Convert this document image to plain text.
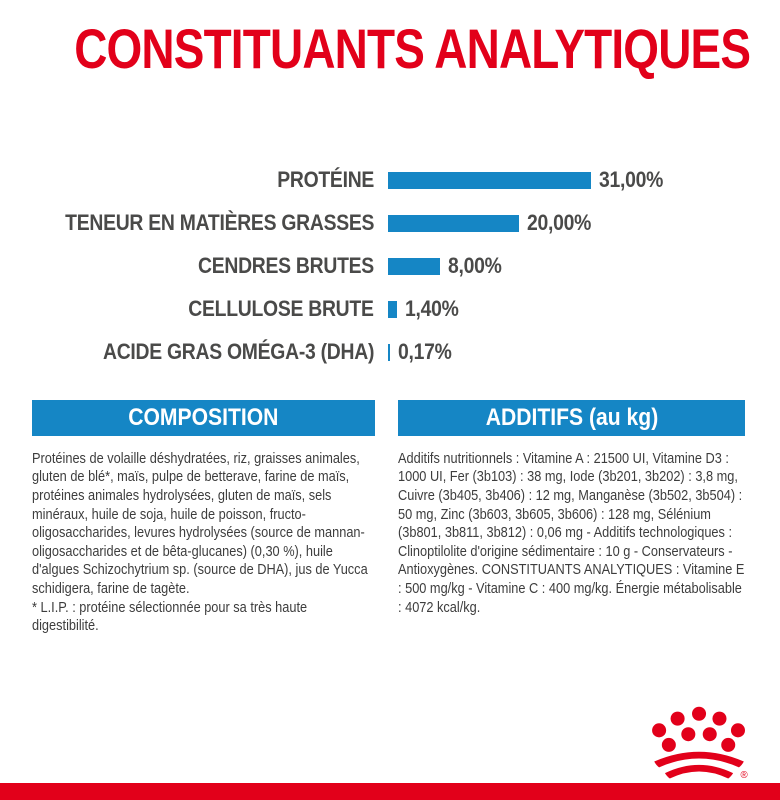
CONSTITUANTS ANALYTIQUES
PROTÉINE	31,00%
TENEUR EN MATIÈRES GRASSES	20,00%
CENDRES BRUTES	8,00%
CELLULOSE BRUTE 1,40%
ACIDE GRAS OMÉGA-3 (DHA) 0,17%
COMPOSITION
Protéines de volaille déshydratées, riz, graisses animales, gluten de blé*, maïs, pulpe de betterave, farine de maïs, protéines animales hydrolysées, gluten de maïs, sels minéraux, huile de soja, huile de poisson, fructo-oligosaccharides, levures hydrolysées (source de mannan-oligosaccharides et de bêta-glucanes) (0,30 %), huile d'algues Schizochytrium sp. (source de DHA), jus de Yucca schidigera, farine de tagète.
* L.I.P. : protéine sélectionnée pour sa très haute digestibilité.
ADDITIFS (au kg)
Additifs nutritionnels : Vitamine A : 21500 UI, Vitamine D3 : 1000 UI, Fer (3b103) : 38 mg, Iode (3b201, 3b202) : 3,8 mg, Cuivre (3b405, 3b406) : 12 mg, Manganèse (3b502, 3b504) : 50 mg, Zinc (3b603, 3b605, 3b606) : 128 mg, Sélénium (3b801, 3b811, 3b812) : 0,06 mg - Additifs technologiques : Clinoptilolite d'origine sédimentaire : 10 g - Conservateurs - Antioxygènes. CONSTITUANTS ANALYTIQUES : Vitamine E : 500 mg/kg - Vitamine C : 400 mg/kg. Énergie métabolisable : 4072 kcal/kg.
®
